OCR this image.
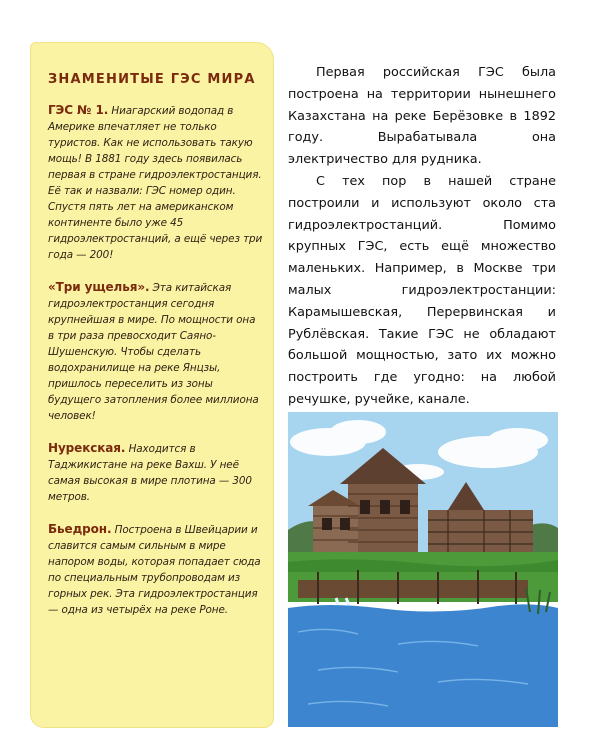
ЗНАМЕНИТЫЕ ГЭС МИРА
ГЭС № 1. Ниагарский водопад в Америке впечатляет не только туристов. Как не использовать такую мощь! В 1881 году здесь появилась первая в стране гидроэлектростанция. Её так и назвали: ГЭС номер один. Спустя пять лет на американском континенте было уже 45 гидроэлектростанций, а ещё через три года — 200!
«Три ущелья». Эта китайская гидроэлектростанция сегодня крупнейшая в мире. По мощности она в три раза превосходит Саяно-Шушенскую. Чтобы сделать водохранилище на реке Янцзы, пришлось переселить из зоны будущего затопления более миллиона человек!
Нурекская. Находится в Таджикистане на реке Вахш. У неё самая высокая в мире плотина — 300 метров.
Бьедрон. Построена в Швейцарии и славится самым сильным в мире напором воды, которая попадает сюда по специальным трубопроводам из горных рек. Эта гидроэлектростанция — одна из четырёх на реке Роне.

Первая российская ГЭС была построена на территории нынешнего Казахстана на реке Берёзовке в 1892 году. Вырабатывала она электричество для рудника.

С тех пор в нашей стране построили и используют около ста гидроэлектростанций. Помимо крупных ГЭС, есть ещё множество маленьких. Например, в Москве три малых гидроэлектростанции: Карамышевская, Перервинская и Рублёвская. Такие ГЭС не обладают большой мощностью, зато их можно построить где угодно: на любой речушке, ручейке, канале.
